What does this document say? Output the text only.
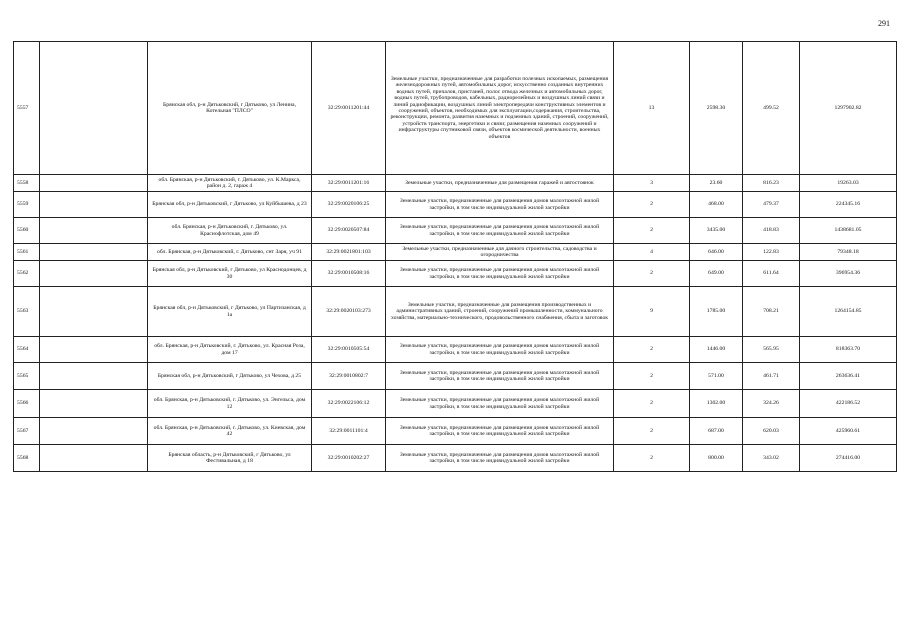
291
5557		Брянская обл, р-н Дятьковский, г Дятьково, ул Ленина, Котельная "ПЛСО"	32:29:0011201:44	Земельные участки, предназначенные для разработки полезных ископаемых, размещения железнодорожных путей, автомобильных дорог, искусственно созданных внутренних водных путей, причалов, пристаней, полос отвода железных и автомобильных дорог, водных путей, трубопроводов, кабельных, радиорелейных и воздушных линий связи и линий радиофикации, воздушных линий электропередачи конструктивных элементов и сооружений, объектов, необходимых для эксплуатации,содержания, строительства, реконструкции, ремонта, развития наземных и подземных зданий, строений, сооружений, устройств транспорта, энергетики и связи; размещения наземных сооружений и инфраструктуры спутниковой связи, объектов космической деятельности, военных объектов	13	2598.30	499.52	1297902.82
5558		обл. Брянская, р-н Дятьковский, г. Дятьково, ул. К.Маркса, район д. 2, гараж 4	32:29:0011201:16	Земельные участки, предназначенные для размещения гаражей и автостоянок	3	23.60	816.23	19263.03
5559		Брянская обл, р-н Дятьковский, г Дятьково, ул Куйбышева, д 23	32:29:0020106:25	Земельные участки, предназначенные для размещения домов малоэтажной жилой застройки, в том числе индивидуальной жилой застройки	2	468.00	479.37	224345.16
5560		обл. Брянская, р-н Дятьковский, г. Дятьково, ул. Краснофлотская, дом 49	32:29:0020507:84	Земельные участки, предназначенные для размещения домов малоэтажной жилой застройки, в том числе индивидуальной жилой застройки	2	3435.00	418.83	1438681.05
5561		обл. Брянская, р-н Дятьковский, г. Дятьково, снт Заря, уч 91	32:29:0021801:103	Земельные участки, предназначенные для дачного строительства, садоводства и огородничества	4	646.00	122.83	79348.18
5562		Брянская обл, р-н Дятьковский, г Дятьково, ул Краснодонцев, д 30	32:29:0010508:16	Земельные участки, предназначенные для размещения домов малоэтажной жилой застройки, в том числе индивидуальной жилой застройки	2	649.00	611.64	396954.36
5563		Брянская обл, р-н Дятьковский, г Дятьково, ул Партизанская, д 1а	32:29:0020103:273	Земельные участки, предназначенные для размещения производственных и административных зданий, строений, сооружений промышленности, коммунального хозяйства, материально-технического, продовольственного снабжения, сбыта и заготовок	9	1785.00	708.21	1264154.85
5564		обл. Брянская, р-н Дятьковский, г. Дятьково, ул. Красная Роза, дом 17	32:29:0010505:54	Земельные участки, предназначенные для размещения домов малоэтажной жилой застройки, в том числе индивидуальной жилой застройки	2	1446.00	565.95	818363.70
5565		Брянская обл, р-н Дятьковский, г Дятьково, ул Чехова, д 25	32:29:0010802:7	Земельные участки, предназначенные для размещения домов малоэтажной жилой застройки, в том числе индивидуальной жилой застройки	2	571.00	461.71	263636.41
5566		обл. Брянская, р-н Дятьковский, г. Дятьково, ул. Энгельса, дом 12	32:29:0022106:12	Земельные участки, предназначенные для размещения домов малоэтажной жилой застройки, в том числе индивидуальной жилой застройки	2	1302.00	324.26	422186.52
5567		обл. Брянская, р-н Дятьковский, г. Дятьково, ул. Киевская, дом 42	32:29:0011101:4	Земельные участки, предназначенные для размещения домов малоэтажной жилой застройки, в том числе индивидуальной жилой застройки	2	687.00	620.03	425960.61
5568		Брянская область, р-н Дятьковский, г Дятьково, ул Фестивальная, д 18	32:29:0010202:27	Земельные участки, предназначенные для размещения домов малоэтажной жилой застройки, в том числе индивидуальной жилой застройки	2	800.00	343.02	274416.00
